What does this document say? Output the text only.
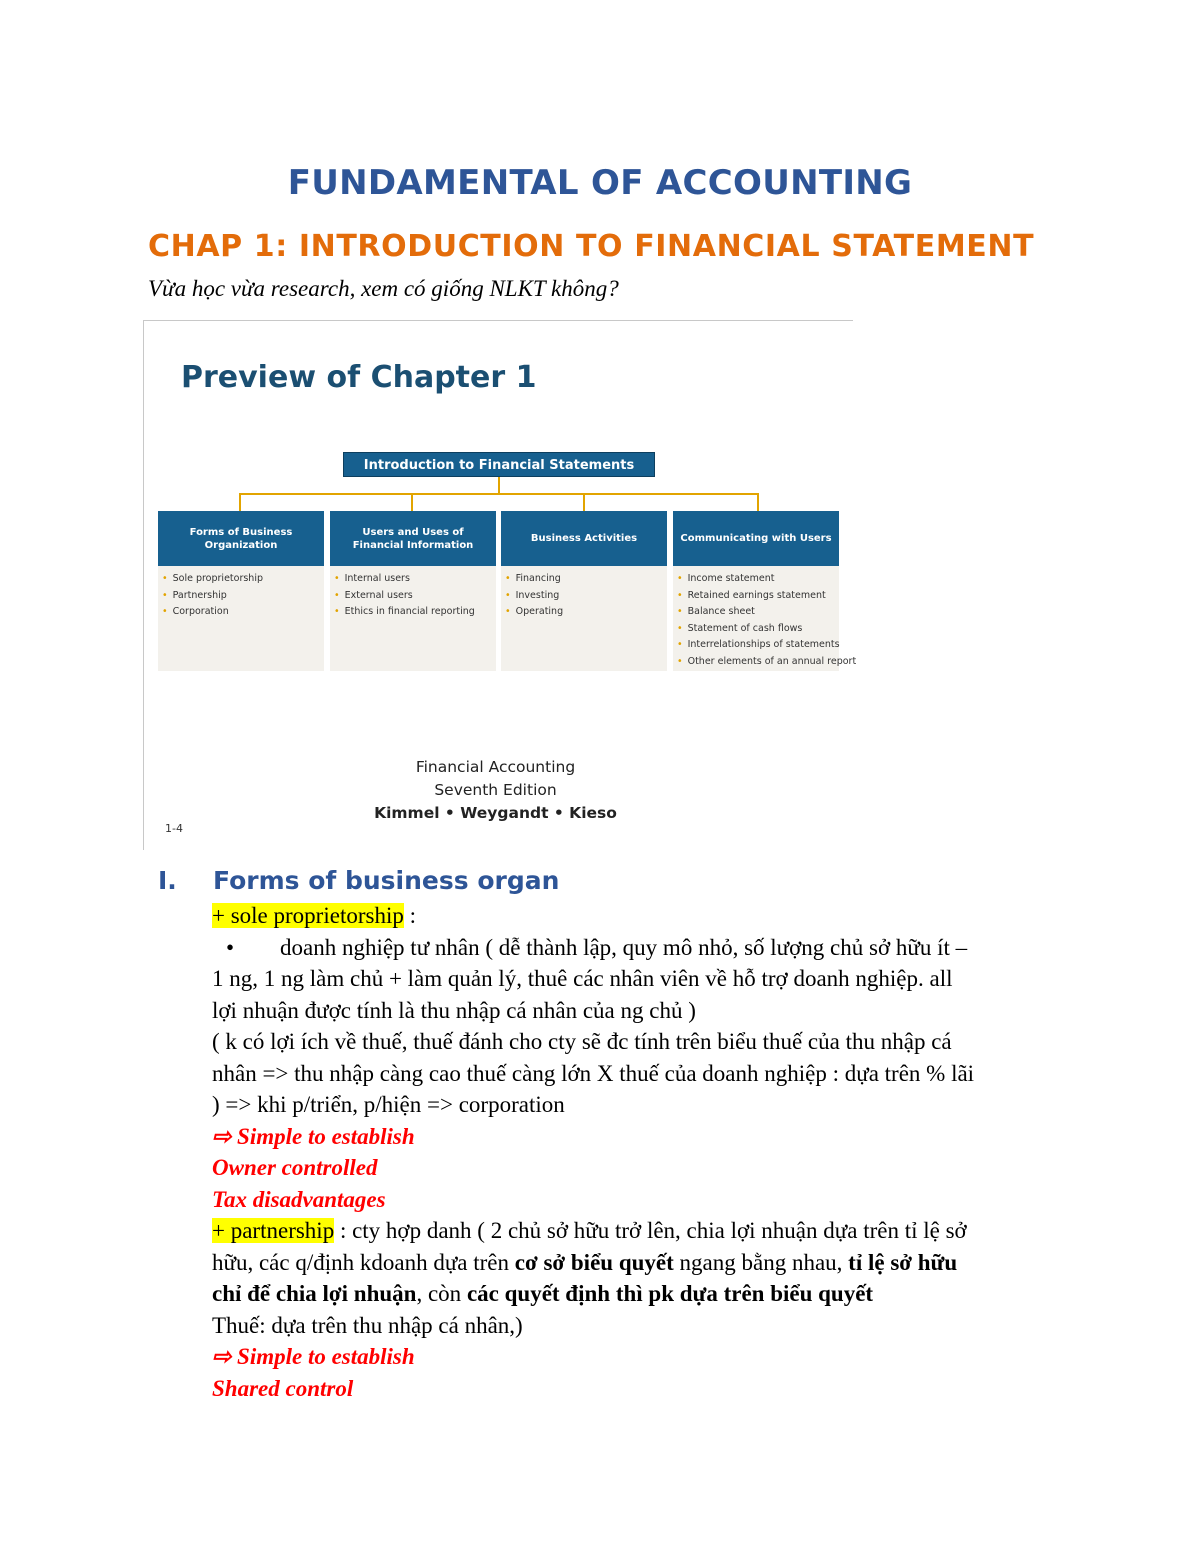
FUNDAMENTAL OF ACCOUNTING
CHAP 1: INTRODUCTION TO FINANCIAL STATEMENT
Vừa học vừa research, xem có giống NLKT không?
Preview of Chapter 1
Introduction to Financial Statements
Forms of Business Organization
• Sole proprietorship
• Partnership
• Corporation
Users and Uses of Financial Information
• Internal users
• External users
• Ethics in financial reporting
Business Activities
• Financing
• Investing
• Operating
Communicating with Users
• Income statement
• Retained earnings statement
• Balance sheet
• Statement of cash flows
• Interrelationships of statements
• Other elements of an annual report
Financial Accounting
Seventh Edition
Kimmel • Weygandt • Kieso
1-4
I. Forms of business organ
+ sole proprietorship :
• doanh nghiệp tư nhân ( dễ thành lập, quy mô nhỏ, số lượng chủ sở hữu ít –
1 ng, 1 ng làm chủ + làm quản lý, thuê các nhân viên về hỗ trợ doanh nghiệp. all
lợi nhuận được tính là thu nhập cá nhân của ng chủ )
( k có lợi ích về thuế, thuế đánh cho cty sẽ đc tính trên biểu thuế của thu nhập cá
nhân => thu nhập càng cao thuế càng lớn X thuế của doanh nghiệp : dựa trên % lãi
) => khi p/triển, p/hiện => corporation
⇨ Simple to establish
Owner controlled
Tax disadvantages
+ partnership : cty hợp danh ( 2 chủ sở hữu trở lên, chia lợi nhuận dựa trên tỉ lệ sở
hữu, các q/định kdoanh dựa trên cơ sở biểu quyết ngang bằng nhau, tỉ lệ sở hữu
chỉ để chia lợi nhuận, còn các quyết định thì pk dựa trên biểu quyết
Thuế: dựa trên thu nhập cá nhân,)
⇨ Simple to establish
Shared control
